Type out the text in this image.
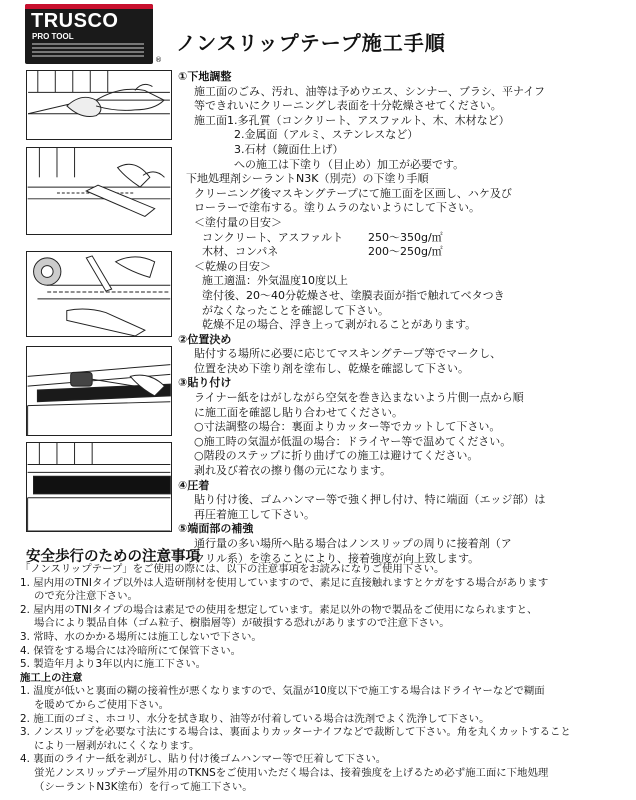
TRUSCO
PRO TOOL
®
ノンスリップテープ施工手順
①下地調整
施工面のごみ、汚れ、油等は予めウエス、シンナー、ブラシ、平ナイフ
等できれいにクリーニングし表面を十分乾燥させてください。
施工面1.多孔質（コンクリート、アスファルト、木、木材など）
2.金属面（アルミ、ステンレスなど）
3.石材（鏡面仕上げ）
への施工は下塗り（目止め）加工が必要です。
下地処理剤シーラントN3K（別売）の下塗り手順
クリーニング後マスキングテープにて施工面を区画し、ハケ及び
ローラーで塗布する。塗りムラのないようにして下さい。
＜塗付量の目安＞
コンクリート、アスファルト 250～350g/㎡
木材、コンパネ	200～250g/㎡
＜乾燥の目安＞
施工適温：外気温度10度以上
塗付後、20～40分乾燥させ、塗膜表面が指で触れてベタつき
がなくなったことを確認して下さい。
乾燥不足の場合、浮き上って剥がれることがあります。
②位置決め
貼付する場所に必要に応じてマスキングテープ等でマークし、
位置を決め下塗り剤を塗布し、乾燥を確認して下さい。
③貼り付け
ライナー紙をはがしながら空気を巻き込まないよう片側一点から順
に施工面を確認し貼り合わせてください。
○寸法調整の場合：裏面よりカッター等でカットして下さい。
○施工時の気温が低温の場合：ドライヤー等で温めてください。
○階段のステップに折り曲げての施工は避けてください。
剥れ及び着衣の擦り傷の元になります。
④圧着
貼り付け後、ゴムハンマー等で強く押し付け、特に端面（エッジ部）は
再圧着施工して下さい。
⑤端面部の補強
通行量の多い場所へ貼る場合はノンスリップの周りに接着剤（ア
クリル系）を塗ることにより、接着強度が向上致します。
安全歩行のための注意事項
「ノンスリップテープ」をご使用の際には、以下の注意事項をお読みになりご使用下さい。
1. 屋内用のTNIタイプ以外は人造研削材を使用していますので、素足に直接触れますとケガをする場合があります
ので充分注意下さい。
2. 屋内用のTNIタイプの場合は素足での使用を想定しています。素足以外の物で製品をご使用になられますと、
場合により製品自体（ゴム粒子、樹脂層等）が破損する恐れがありますので注意下さい。
3. 常時、水のかかる場所には施工しないで下さい。
4. 保管をする場合には冷暗所にて保管下さい。
5. 製造年月より3年以内に施工下さい。
施工上の注意
1. 温度が低いと裏面の糊の接着性が悪くなりますので、気温が10度以下で施工する場合はドライヤーなどで糊面
を暖めてからご使用下さい。
2. 施工面のゴミ、ホコリ、水分を拭き取り、油等が付着している場合は洗剤でよく洗浄して下さい。
3. ノンスリップを必要な寸法にする場合は、裏面よりカッターナイフなどで裁断して下さい。角を丸くカットすること
により一層剥がれにくくなります。
4. 裏面のライナー紙を剥がし、貼り付け後ゴムハンマー等で圧着して下さい。
蛍光ノンスリップテープ屋外用のTKNSをご使用いただく場合は、接着強度を上げるため必ず施工面に下地処理
（シーラントN3K塗布）を行って施工下さい。
